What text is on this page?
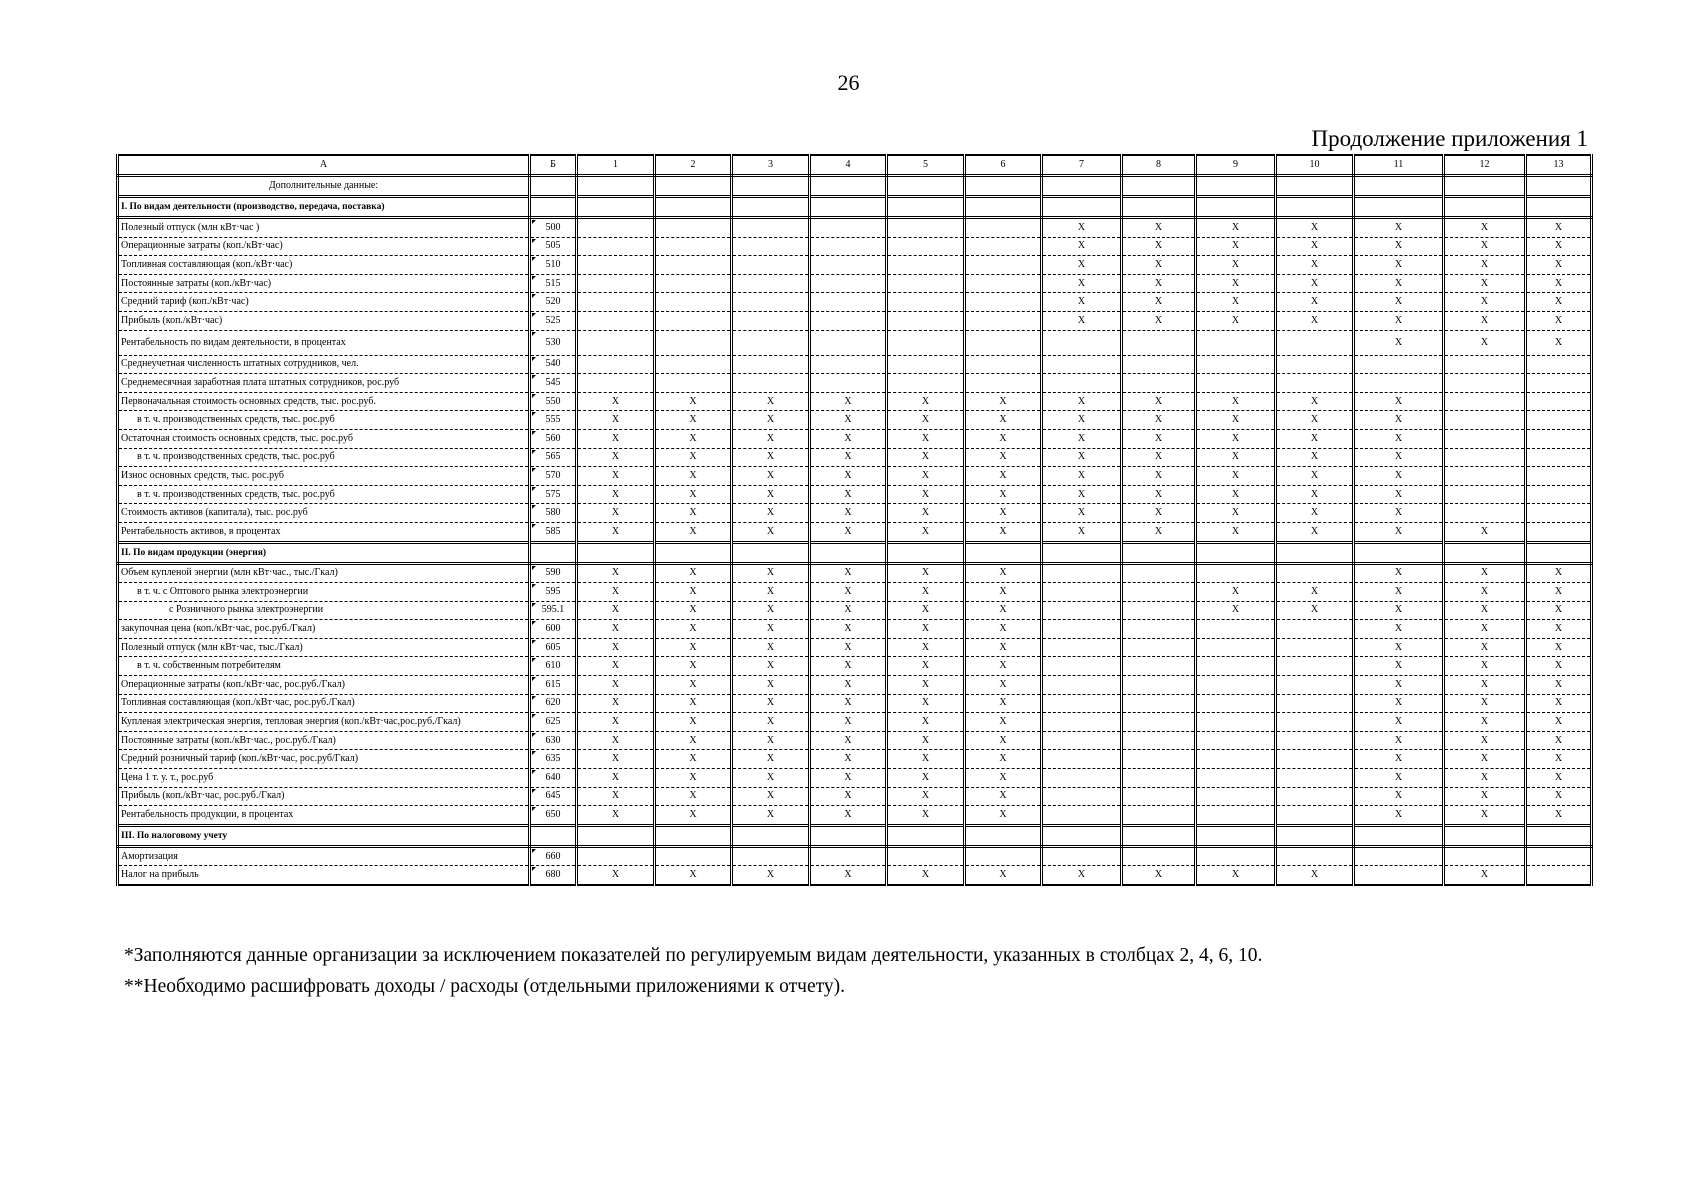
26
Продолжение приложения 1
А	Б	1	2	3	4	5	6	7	8	9	10	11	12	13
Дополнительные данные:														
I. По видам деятельности (производство, передача, поставка)														
Полезный отпуск (млн кВт·час )	500							X	X	X	X	X	X	X
Операционные затраты (коп./кВт·час)	505							X	X	X	X	X	X	X
Топливная составляющая (коп./кВт·час)	510							X	X	X	X	X	X	X
Постоянные затраты (коп./кВт·час)	515							X	X	X	X	X	X	X
Средний тариф (коп./кВт·час)	520							X	X	X	X	X	X	X
Прибыль (коп./кВт·час)	525							X	X	X	X	X	X	X
Рентабельность по видам деятельности, в процентах	530											X	X	X
Среднеучетная численность штатных сотрудников, чел.	540													
Среднемесячная заработная плата штатных сотрудников, рос.руб	545													
Первоначальная стоимость основных средств, тыс. рос.руб.	550	X	X	X	X	X	X	X	X	X	X	X		
в т. ч. производственных средств, тыс. рос.руб	555	X	X	X	X	X	X	X	X	X	X	X		
Остаточная стоимость основных средств, тыс. рос.руб	560	X	X	X	X	X	X	X	X	X	X	X		
в т. ч. производственных средств, тыс. рос.руб	565	X	X	X	X	X	X	X	X	X	X	X		
Износ основных средств, тыс. рос.руб	570	X	X	X	X	X	X	X	X	X	X	X		
в т. ч. производственных средств, тыс. рос.руб	575	X	X	X	X	X	X	X	X	X	X	X		
Стоимость активов (капитала), тыс. рос.руб	580	X	X	X	X	X	X	X	X	X	X	X		
Рентабельность активов, в процентах	585	X	X	X	X	X	X	X	X	X	X	X	X	
II. По видам продукции (энергия)														
Объем купленой энергии (млн кВт·час., тыс./Гкал)	590	X	X	X	X	X	X					X	X	X
в т. ч. с Оптового рынка электроэнергии	595	X	X	X	X	X	X			X	X	X	X	X
с Розничного рынка электроэнергии	595.1	X	X	X	X	X	X			X	X	X	X	X
закупочная цена (коп./кВт·час, рос.руб./Гкал)	600	X	X	X	X	X	X					X	X	X
Полезный отпуск (млн кВт·час, тыс./Гкал)	605	X	X	X	X	X	X					X	X	X
в т. ч. собственным потребителям	610	X	X	X	X	X	X					X	X	X
Операционные затраты (коп./кВт·час, рос.руб./Гкал)	615	X	X	X	X	X	X					X	X	X
Топливная составляющая (коп./кВт·час, рос.руб./Гкал)	620	X	X	X	X	X	X					X	X	X
Купленая электрическая энергия, тепловая энергия (коп./кВт·час,рос.руб./Гкал)	625	X	X	X	X	X	X					X	X	X
Постоянные затраты (коп./кВт·час., рос.руб./Гкал)	630	X	X	X	X	X	X					X	X	X
Средний розничный тариф (коп./кВт·час, рос.руб/Гкал)	635	X	X	X	X	X	X					X	X	X
Цена 1 т. у. т., рос.руб	640	X	X	X	X	X	X					X	X	X
Прибыль (коп./кВт·час, рос.руб./Гкал)	645	X	X	X	X	X	X					X	X	X
Рентабельность продукции, в процентах	650	X	X	X	X	X	X					X	X	X
III. По налоговому учету														
Амортизация	660													
Налог на прибыль	680	X	X	X	X	X	X	X	X	X	X		X	
*Заполняются данные организации за исключением показателей по регулируемым видам деятельности, указанных в столбцах 2, 4, 6, 10.
**Необходимо расшифровать доходы / расходы (отдельными приложениями к отчету).
